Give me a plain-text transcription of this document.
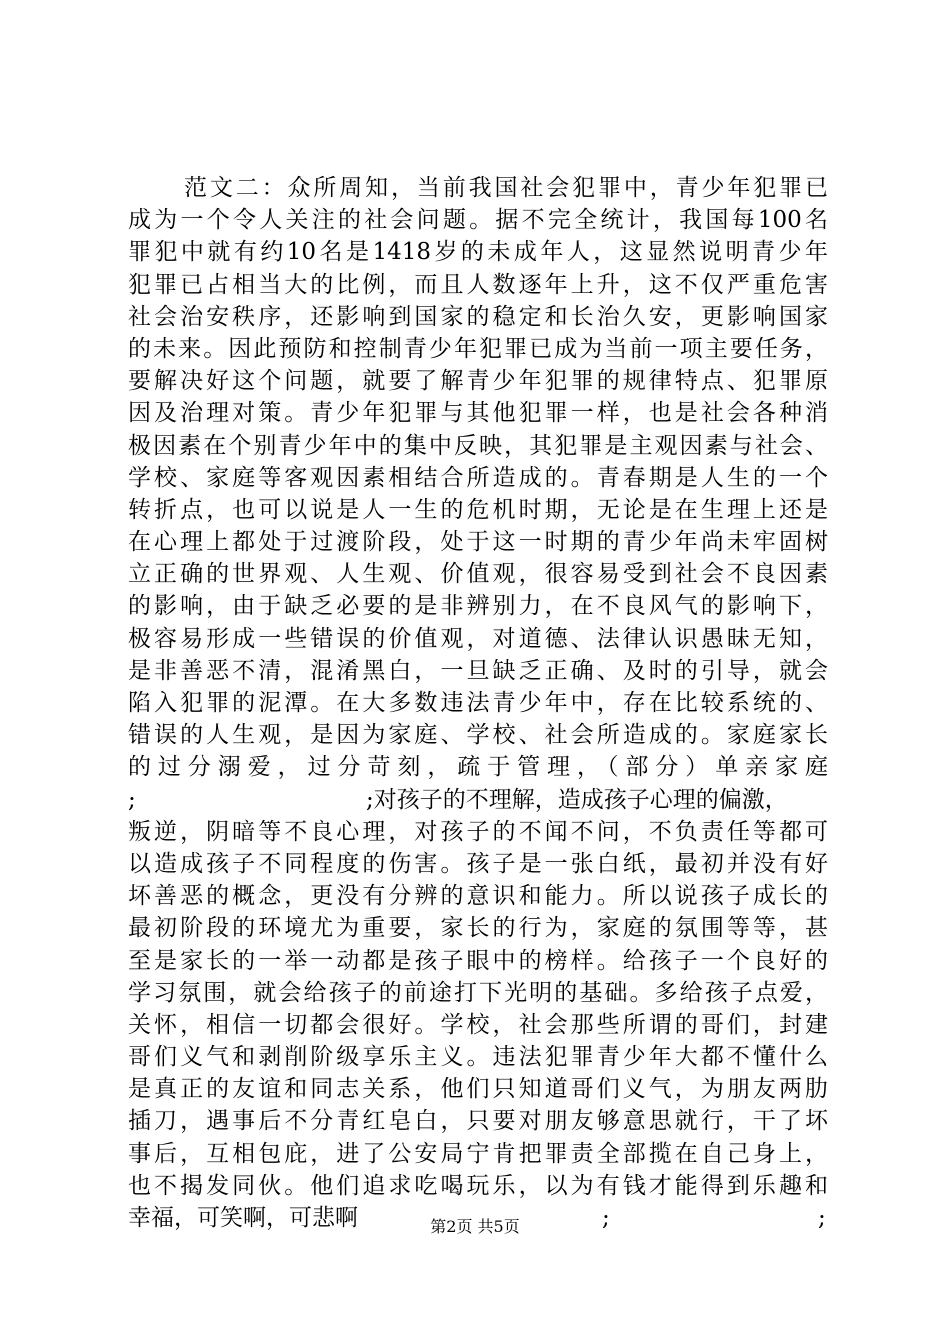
范文二：众所周知，当前我国社会犯罪中，青少年犯罪已
成为一个令人关注的社会问题。据不完全统计，我国每100名
罪犯中就有约10名是1418岁的未成年人，这显然说明青少年
犯罪已占相当大的比例，而且人数逐年上升，这不仅严重危害
社会治安秩序，还影响到国家的稳定和长治久安，更影响国家
的未来。因此预防和控制青少年犯罪已成为当前一项主要任务，
要解决好这个问题，就要了解青少年犯罪的规律特点、犯罪原
因及治理对策。青少年犯罪与其他犯罪一样，也是社会各种消
极因素在个别青少年中的集中反映，其犯罪是主观因素与社会、
学校、家庭等客观因素相结合所造成的。青春期是人生的一个
转折点，也可以说是人一生的危机时期，无论是在生理上还是
在心理上都处于过渡阶段，处于这一时期的青少年尚未牢固树
立正确的世界观、人生观、价值观，很容易受到社会不良因素
的影响，由于缺乏必要的是非辨别力，在不良风气的影响下，
极容易形成一些错误的价值观，对道德、法律认识愚昧无知，
是非善恶不清，混淆黑白，一旦缺乏正确、及时的引导，就会
陷入犯罪的泥潭。在大多数违法青少年中，存在比较系统的、
错误的人生观，是因为家庭、学校、社会所造成的。家庭家长
的过分溺爱，过分苛刻，疏于管理，（部分）单亲家庭
;	;对孩子的不理解，造成孩子心理的偏激，
叛逆，阴暗等不良心理，对孩子的不闻不问，不负责任等都可
以造成孩子不同程度的伤害。孩子是一张白纸，最初并没有好
坏善恶的概念，更没有分辨的意识和能力。所以说孩子成长的
最初阶段的环境尤为重要，家长的行为，家庭的氛围等等，甚
至是家长的一举一动都是孩子眼中的榜样。给孩子一个良好的
学习氛围，就会给孩子的前途打下光明的基础。多给孩子点爱，
关怀，相信一切都会很好。学校，社会那些所谓的哥们，封建
哥们义气和剥削阶级享乐主义。违法犯罪青少年大都不懂什么
是真正的友谊和同志关系，他们只知道哥们义气，为朋友两肋
插刀，遇事后不分青红皂白，只要对朋友够意思就行，干了坏
事后，互相包庇，进了公安局宁肯把罪责全部揽在自己身上，
也不揭发同伙。他们追求吃喝玩乐，以为有钱才能得到乐趣和
幸福，可笑啊，可悲啊	;	;
第2页 共5页
